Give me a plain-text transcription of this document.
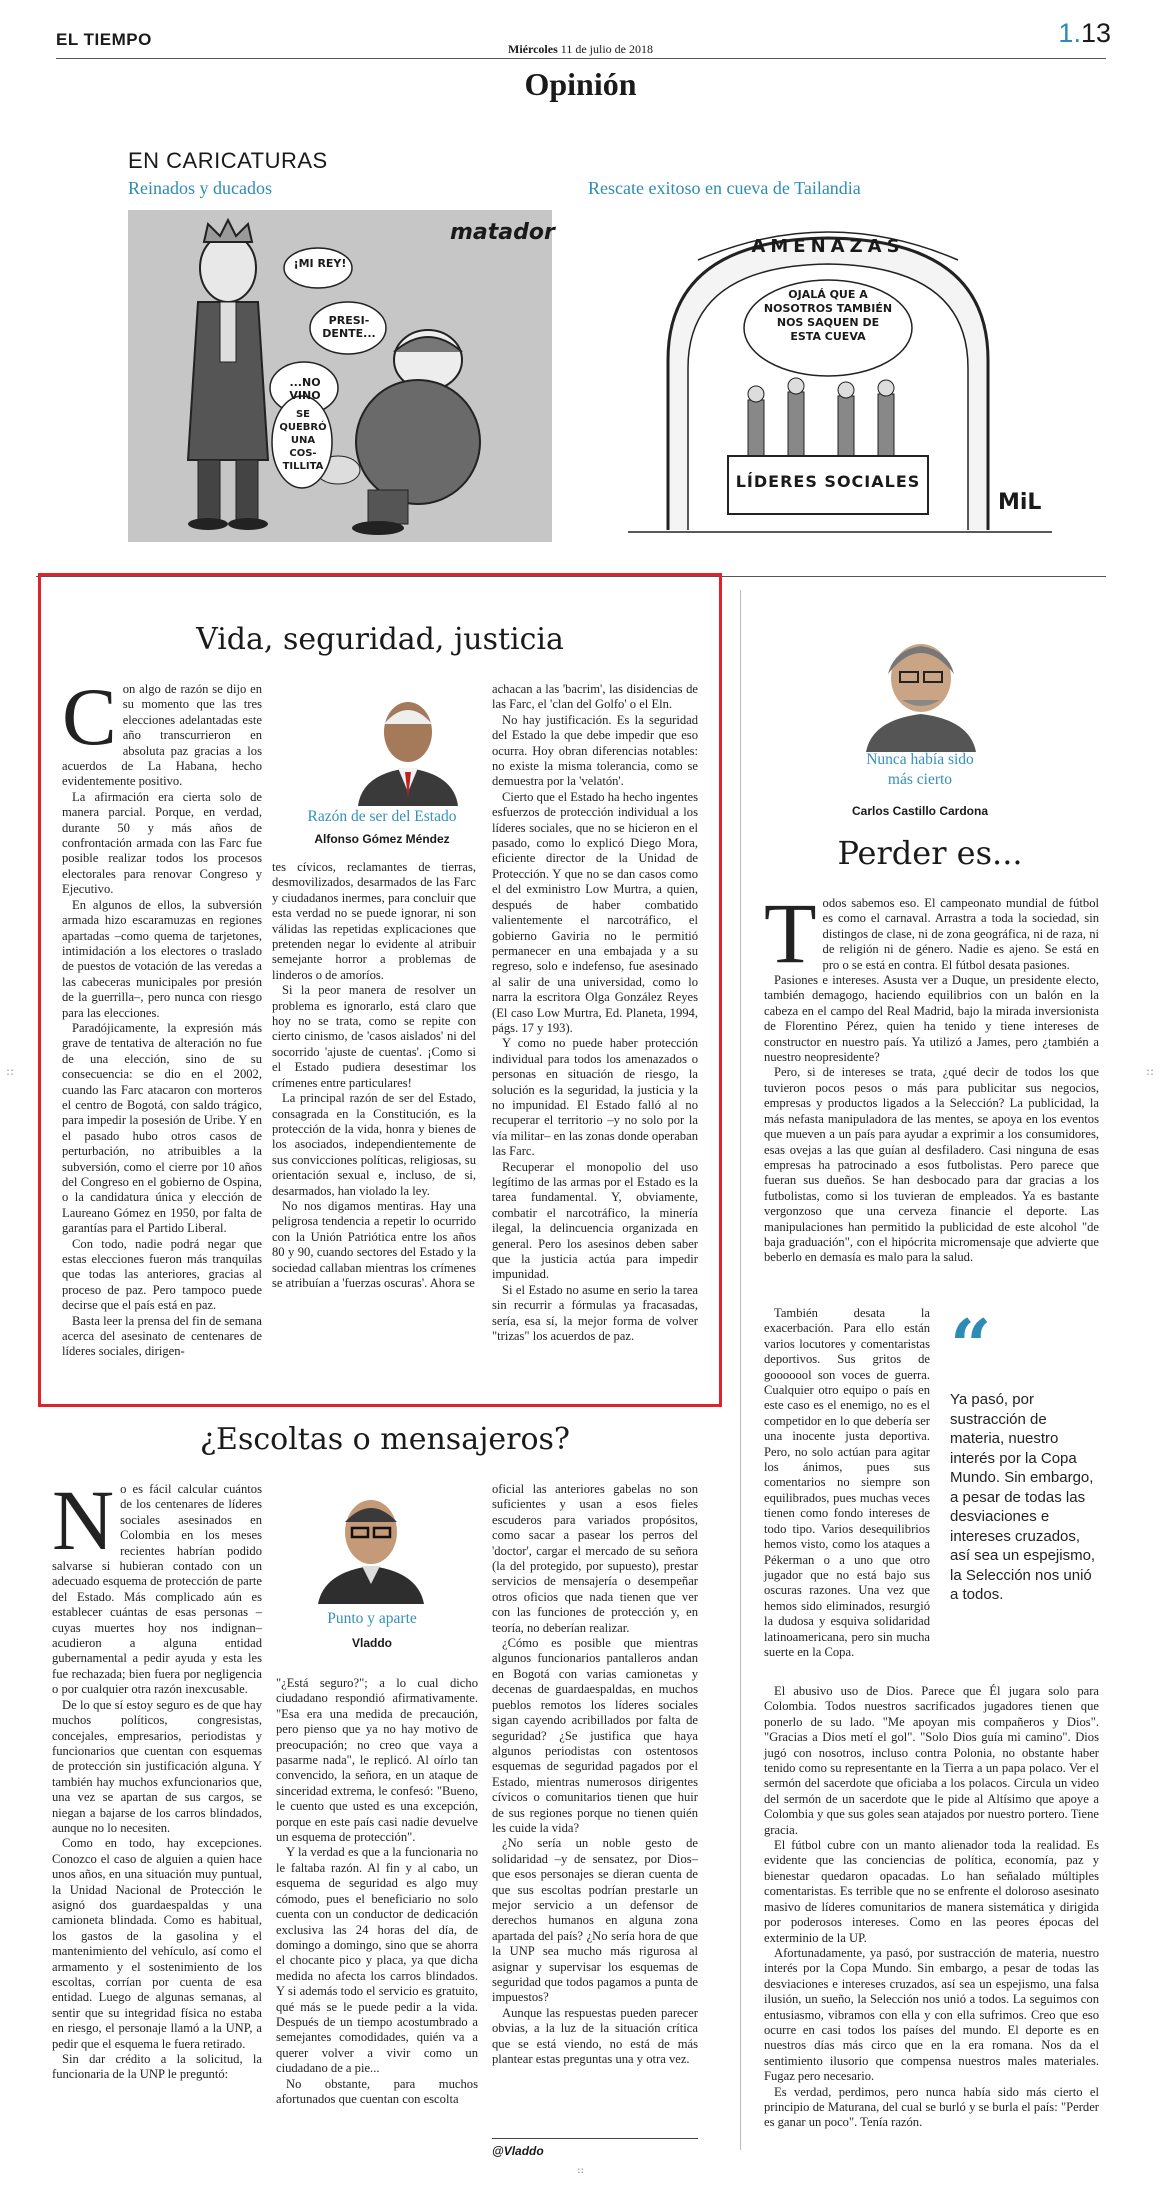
EL TIEMPO	Miércoles 11 de julio de 2018
1.13
Opinión
EN CARICATURAS
Reinados y ducados	Rescate exitoso en cueva de Tailandia
matador
¡MI REY!
PRESI-
DENTE...
...NO
VINO
SE
QUEBRÓ
UNA
COS-
TILLITA
AMENAZAS
OJALÁ QUE A
NOSOTROS TAMBIÉN
NOS SAQUEN DE
ESTA CUEVA
LÍDERES SOCIALES
MiL
Vida, seguridad, justicia
C on algo de razón se dijo en su momento que las tres elecciones adelantadas este año transcurrieron en absoluta paz gracias a los acuerdos de La Habana, hecho evidentemente positivo.

La afirmación era cierta solo de manera parcial. Porque, en verdad, durante 50 y más años de confrontación armada con las Farc fue posible realizar todos los procesos electorales para renovar Congreso y Ejecutivo.

En algunos de ellos, la subversión armada hizo escaramuzas en regiones apartadas –como quema de tarjetones, intimidación a los electores o traslado de puestos de votación de las veredas a las cabeceras municipales por presión de la guerrilla–, pero nunca con riesgo para las elecciones.

Paradójicamente, la expresión más grave de tentativa de alteración no fue de una elección, sino de su consecuencia: se dio en el 2002, cuando las Farc atacaron con morteros el centro de Bogotá, con saldo trágico, para impedir la posesión de Uribe. Y en el pasado hubo otros casos de perturbación, no atribuibles a la subversión, como el cierre por 10 años del Congreso en el gobierno de Ospina, o la candidatura única y elección de Laureano Gómez en 1950, por falta de garantías para el Partido Liberal.

Con todo, nadie podrá negar que estas elecciones fueron más tranquilas que todas las anteriores, gracias al proceso de paz. Pero tampoco puede decirse que el país está en paz.

Basta leer la prensa del fin de semana acerca del asesinato de centenares de líderes sociales, dirigen-

Razón de ser del Estado
Alfonso Gómez Méndez

tes cívicos, reclamantes de tierras, desmovilizados, desarmados de las Farc y ciudadanos inermes, para concluir que esta verdad no se puede ignorar, ni son válidas las repetidas explicaciones que pretenden negar lo evidente al atribuir semejante horror a problemas de linderos o de amoríos.

Si la peor manera de resolver un problema es ignorarlo, está claro que hoy no se trata, como se repite con cierto cinismo, de 'casos aislados' ni del socorrido 'ajuste de cuentas'. ¡Como si el Estado pudiera desestimar los crímenes entre particulares!

La principal razón de ser del Estado, consagrada en la Constitución, es la protección de la vida, honra y bienes de los asociados, independientemente de sus convicciones políticas, religiosas, su orientación sexual e, incluso, de si, desarmados, han violado la ley.

No nos digamos mentiras. Hay una peligrosa tendencia a repetir lo ocurrido con la Unión Patriótica entre los años 80 y 90, cuando sectores del Estado y la sociedad callaban mientras los crímenes se atribuían a 'fuerzas oscuras'. Ahora se

achacan a las 'bacrim', las disidencias de las Farc, el 'clan del Golfo' o el Eln.

No hay justificación. Es la seguridad del Estado la que debe impedir que eso ocurra. Hoy obran diferencias notables: no existe la misma tolerancia, como se demuestra por la 'velatón'.

Cierto que el Estado ha hecho ingentes esfuerzos de protección individual a los líderes sociales, que no se hicieron en el pasado, como lo explicó Diego Mora, eficiente director de la Unidad de Protección. Y que no se dan casos como el del exministro Low Murtra, a quien, después de haber combatido valientemente el narcotráfico, el gobierno Gaviria no le permitió permanecer en una embajada y a su regreso, solo e indefenso, fue asesinado al salir de una universidad, como lo narra la escritora Olga González Reyes (El caso Low Murtra, Ed. Planeta, 1994, págs. 17 y 193).

Y como no puede haber protección individual para todos los amenazados o personas en situación de riesgo, la solución es la seguridad, la justicia y la no impunidad. El Estado falló al no recuperar el territorio –y no solo por la vía militar– en las zonas donde operaban las Farc.

Recuperar el monopolio del uso legítimo de las armas por el Estado es la tarea fundamental. Y, obviamente, combatir el narcotráfico, la minería ilegal, la delincuencia organizada en general. Pero los asesinos deben saber que la justicia actúa para impedir impunidad.

Si el Estado no asume en serio la tarea sin recurrir a fórmulas ya fracasadas, sería, esa sí, la mejor forma de volver "trizas" los acuerdos de paz.

Nunca había sido
más cierto
Carlos Castillo Cardona
Perder es...
T odos sabemos eso. El campeonato mundial de fútbol es como el carnaval. Arrastra a toda la sociedad, sin distingos de clase, ni de zona geográfica, ni de raza, ni de religión ni de género. Nadie es ajeno. Se está en pro o se está en contra. El fútbol desata pasiones.

Pasiones e intereses. Asusta ver a Duque, un presidente electo, también demagogo, haciendo equilibrios con un balón en la cabeza en el campo del Real Madrid, bajo la mirada inversionista de Florentino Pérez, quien ha tenido y tiene intereses de constructor en nuestro país. Ya utilizó a James, pero ¿también a nuestro neopresidente?

Pero, si de intereses se trata, ¿qué decir de todos los que tuvieron pocos pesos o más para publicitar sus negocios, empresas y productos ligados a la Selección? La publicidad, la más nefasta manipuladora de las mentes, se apoya en los eventos que mueven a un país para ayudar a exprimir a los consumidores, esas ovejas a las que guían al desfiladero. Casi ninguna de esas empresas ha patrocinado a esos futbolistas. Pero parece que fueran sus dueños. Se han desbocado para dar gracias a los futbolistas, como si los tuvieran de empleados. Ya es bastante vergonzoso que una cerveza financie el deporte. Las manipulaciones han permitido la publicidad de este alcohol "de baja graduación", con el hipócrita micromensaje que advierte que beberlo en demasía es malo para la salud.

También desata la exacerbación. Para ello están varios locutores y comentaristas deportivos. Sus gritos de gooooool son voces de guerra. Cualquier otro equipo o país en este caso es el enemigo, no es el competidor en lo que debería ser una inocente justa deportiva. Pero, no solo actúan para agitar los ánimos, pues sus comentarios no siempre son equilibrados, pues muchas veces tienen como fondo intereses de todo tipo. Varios desequilibrios hemos visto, como los ataques a Pékerman o a uno que otro jugador que no está bajo sus oscuras razones. Una vez que hemos sido eliminados, resurgió la dudosa y esquiva solidaridad latinoamericana, pero sin mucha suerte en la Copa.

“
Ya pasó, por sustracción de materia, nuestro interés por la Copa Mundo. Sin embargo, a pesar de todas las desviaciones e intereses cruzados, así sea un espejismo, la Selección nos unió a todos.

El abusivo uso de Dios. Parece que Él jugara solo para Colombia. Todos nuestros sacrificados jugadores tienen que ponerlo de su lado. "Me apoyan mis compañeros y Dios". "Gracias a Dios metí el gol". "Solo Dios guía mi camino". Dios jugó con nosotros, incluso contra Polonia, no obstante haber tenido como su representante en la Tierra a un papa polaco. Ver el sermón del sacerdote que oficiaba a los polacos. Circula un video del sermón de un sacerdote que le pide al Altísimo que apoye a Colombia y que sus goles sean atajados por nuestro portero. Tiene gracia.

El fútbol cubre con un manto alienador toda la realidad. Es evidente que las conciencias de política, economía, paz y bienestar quedaron opacadas. Lo han señalado múltiples comentaristas. Es terrible que no se enfrente el doloroso asesinato masivo de líderes comunitarios de manera sistemática y dirigida por poderosos intereses. Como en las peores épocas del exterminio de la UP.

Afortunadamente, ya pasó, por sustracción de materia, nuestro interés por la Copa Mundo. Sin embargo, a pesar de todas las desviaciones e intereses cruzados, así sea un espejismo, una falsa ilusión, un sueño, la Selección nos unió a todos. La seguimos con entusiasmo, vibramos con ella y con ella sufrimos. Creo que eso ocurre en casi todos los países del mundo. El deporte es en nuestros días más circo que en la era romana. Nos da el sentimiento ilusorio que compensa nuestros males materiales. Fugaz pero necesario.

Es verdad, perdimos, pero nunca había sido más cierto el principio de Maturana, del cual se burló y se burla el país: "Perder es ganar un poco". Tenía razón.

¿Escoltas o mensajeros?
N o es fácil calcular cuántos de los centenares de líderes sociales asesinados en Colombia en los meses recientes habrían podido salvarse si hubieran contado con un adecuado esquema de protección de parte del Estado. Más complicado aún es establecer cuántas de esas personas –cuyas muertes hoy nos indignan– acudieron a alguna entidad gubernamental a pedir ayuda y esta les fue rechazada; bien fuera por negligencia o por cualquier otra razón inexcusable.

De lo que sí estoy seguro es de que hay muchos políticos, congresistas, concejales, empresarios, periodistas y funcionarios que cuentan con esquemas de protección sin justificación alguna. Y también hay muchos exfuncionarios que, una vez se apartan de sus cargos, se niegan a bajarse de los carros blindados, aunque no lo necesiten.

Como en todo, hay excepciones. Conozco el caso de alguien a quien hace unos años, en una situación muy puntual, la Unidad Nacional de Protección le asignó dos guardaespaldas y una camioneta blindada. Como es habitual, los gastos de la gasolina y el mantenimiento del vehículo, así como el armamento y el sostenimiento de los escoltas, corrían por cuenta de esa entidad. Luego de algunas semanas, al sentir que su integridad física no estaba en riesgo, el personaje llamó a la UNP, a pedir que el esquema le fuera retirado.

Sin dar crédito a la solicitud, la funcionaria de la UNP le preguntó:

Punto y aparte
Vladdo

"¿Está seguro?"; a lo cual dicho ciudadano respondió afirmativamente. "Esa era una medida de precaución, pero pienso que ya no hay motivo de preocupación; no creo que vaya a pasarme nada", le replicó. Al oírlo tan convencido, la señora, en un ataque de sinceridad extrema, le confesó: "Bueno, le cuento que usted es una excepción, porque en este país casi nadie devuelve un esquema de protección".

Y la verdad es que a la funcionaria no le faltaba razón. Al fin y al cabo, un esquema de seguridad es algo muy cómodo, pues el beneficiario no solo cuenta con un conductor de dedicación exclusiva las 24 horas del día, de domingo a domingo, sino que se ahorra el chocante pico y placa, ya que dicha medida no afecta los carros blindados. Y si además todo el servicio es gratuito, qué más se le puede pedir a la vida. Después de un tiempo acostumbrado a semejantes comodidades, quién va a querer volver a vivir como un ciudadano de a pie...

No obstante, para muchos afortunados que cuentan con escolta

oficial las anteriores gabelas no son suficientes y usan a esos fieles escuderos para variados propósitos, como sacar a pasear los perros del 'doctor', cargar el mercado de su señora (la del protegido, por supuesto), prestar servicios de mensajería o desempeñar otros oficios que nada tienen que ver con las funciones de protección y, en teoría, no deberían realizar.

¿Cómo es posible que mientras algunos funcionarios pantalleros andan en Bogotá con varias camionetas y decenas de guardaespaldas, en muchos pueblos remotos los líderes sociales sigan cayendo acribillados por falta de seguridad? ¿Se justifica que haya algunos periodistas con ostentosos esquemas de seguridad pagados por el Estado, mientras numerosos dirigentes cívicos o comunitarios tienen que huir de sus regiones porque no tienen quién les cuide la vida?

¿No sería un noble gesto de solidaridad –y de sensatez, por Dios– que esos personajes se dieran cuenta de que sus escoltas podrían prestarle un mejor servicio a un defensor de derechos humanos en alguna zona apartada del país? ¿No sería hora de que la UNP sea mucho más rigurosa al asignar y supervisar los esquemas de seguridad que todos pagamos a punta de impuestos?

Aunque las respuestas pueden parecer obvias, a la luz de la situación crítica que se está viendo, no está de más plantear estas preguntas una y otra vez.

@Vladdo
::	::
::
